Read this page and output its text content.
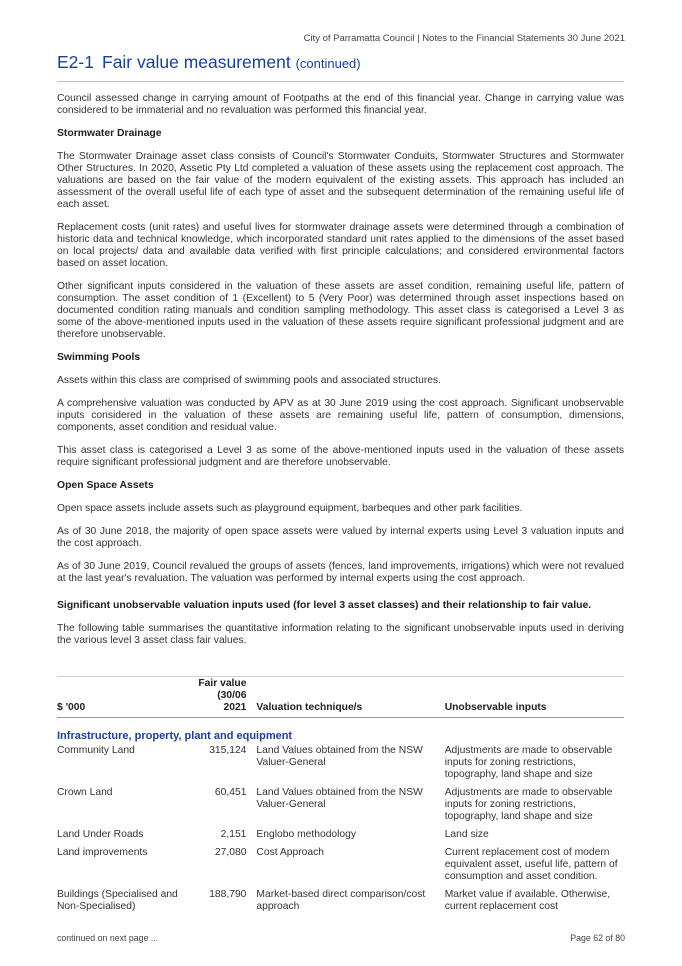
City of Parramatta Council | Notes to the Financial Statements 30 June 2021
E2-1 Fair value measurement (continued)

Council assessed change in carrying amount of Footpaths at the end of this financial year. Change in carrying value was considered to be immaterial and no revaluation was performed this financial year.

Stormwater Drainage

The Stormwater Drainage asset class consists of Council's Stormwater Conduits, Stormwater Structures and Stormwater Other Structures. In 2020, Assetic Pty Ltd completed a valuation of these assets using the replacement cost approach. The valuations are based on the fair value of the modern equivalent of the existing assets. This approach has included an assessment of the overall useful life of each type of asset and the subsequent determination of the remaining useful life of each asset.

Replacement costs (unit rates) and useful lives for stormwater drainage assets were determined through a combination of historic data and technical knowledge, which incorporated standard unit rates applied to the dimensions of the asset based on local projects/ data and available data verified with first principle calculations; and considered environmental factors based on asset location.

Other significant inputs considered in the valuation of these assets are asset condition, remaining useful life, pattern of consumption. The asset condition of 1 (Excellent) to 5 (Very Poor) was determined through asset inspections based on documented condition rating manuals and condition sampling methodology. This asset class is categorised a Level 3 as some of the above-mentioned inputs used in the valuation of these assets require significant professional judgment and are therefore unobservable.

Swimming Pools

Assets within this class are comprised of swimming pools and associated structures.

A comprehensive valuation was conducted by APV as at 30 June 2019 using the cost approach. Significant unobservable inputs considered in the valuation of these assets are remaining useful life, pattern of consumption, dimensions, components, asset condition and residual value.

This asset class is categorised a Level 3 as some of the above-mentioned inputs used in the valuation of these assets require significant professional judgment and are therefore unobservable.

Open Space Assets

Open space assets include assets such as playground equipment, barbeques and other park facilities.

As of 30 June 2018, the majority of open space assets were valued by internal experts using Level 3 valuation inputs and the cost approach.

As of 30 June 2019, Council revalued the groups of assets (fences, land improvements, irrigations) which were not revalued at the last year's revaluation. The valuation was performed by internal experts using the cost approach.

Significant unobservable valuation inputs used (for level 3 asset classes) and their relationship to fair value.

The following table summarises the quantitative information relating to the significant unobservable inputs used in deriving the various level 3 asset class fair values.

$ '000	Fair value
(30/06
2021	Valuation technique/s	Unobservable inputs
Infrastructure, property, plant and equipment			
Community Land	315,124	Land Values obtained from the NSW Valuer-General	Adjustments are made to observable inputs for zoning restrictions, topography, land shape and size
Crown Land	60,451	Land Values obtained from the NSW Valuer-General	Adjustments are made to observable inputs for zoning restrictions, topography, land shape and size
Land Under Roads	2,151	Englobo methodology	Land size
Land improvements	27,080	Cost Approach	Current replacement cost of modern equivalent asset, useful life, pattern of consumption and asset condition.
Buildings (Specialised and Non-Specialised)	188,790	Market-based direct comparison/cost approach	Market value if available. Otherwise, current replacement cost
continued on next page ...	Page 62 of 80
